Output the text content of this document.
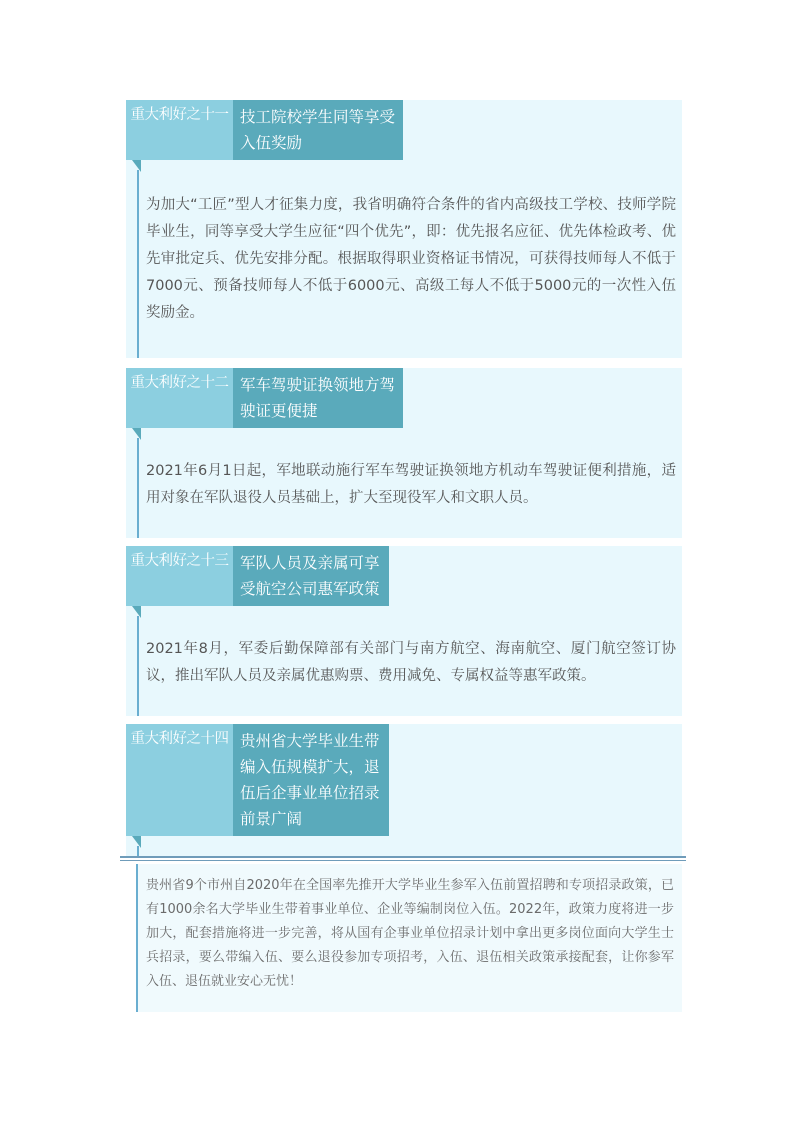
重大利好之十一 技工院校学生同等享受入伍奖励

为加大“工匠”型人才征集力度，我省明确符合条件的省内高级技工学校、技师学院毕业生，同等享受大学生应征“四个优先”，即：优先报名应征、优先体检政考、优先审批定兵、优先安排分配。根据取得职业资格证书情况，可获得技师每人不低于7000元、预备技师每人不低于6000元、高级工每人不低于5000元的一次性入伍奖励金。

重大利好之十二 军车驾驶证换领地方驾驶证更便捷

2021年6月1日起，军地联动施行军车驾驶证换领地方机动车驾驶证便利措施，适用对象在军队退役人员基础上，扩大至现役军人和文职人员。

重大利好之十三 军队人员及亲属可享受航空公司惠军政策

2021年8月，军委后勤保障部有关部门与南方航空、海南航空、厦门航空签订协议，推出军队人员及亲属优惠购票、费用减免、专属权益等惠军政策。

重大利好之十四 贵州省大学毕业生带编入伍规模扩大，退伍后企事业单位招录前景广阔

贵州省9个市州自2020年在全国率先推开大学毕业生参军入伍前置招聘和专项招录政策，已有1000余名大学毕业生带着事业单位、企业等编制岗位入伍。2022年，政策力度将进一步加大，配套措施将进一步完善，将从国有企事业单位招录计划中拿出更多岗位面向大学生士兵招录，要么带编入伍、要么退役参加专项招考，入伍、退伍相关政策承接配套，让你参军入伍、退伍就业安心无忧！
